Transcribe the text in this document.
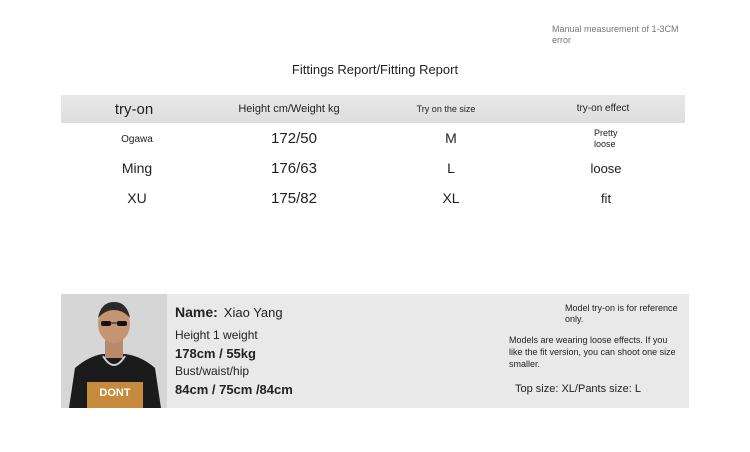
Manual measurement of 1-3CM error
Fittings Report/Fitting Report
try-on	Height cm/Weight kg	Try on the size	try-on effect
Ogawa	172/50	M	Pretty loose
Ming	176/63	L	loose
XU	175/82	XL	fit
DONT
Name: Xiao Yang
Height 1 weight
178cm / 55kg
Bust/waist/hip
84cm / 75cm /84cm
Model try-on is for reference only.
Models are wearing loose effects. If you like the fit version, you can shoot one size smaller.
Top size: XL/Pants size: L
